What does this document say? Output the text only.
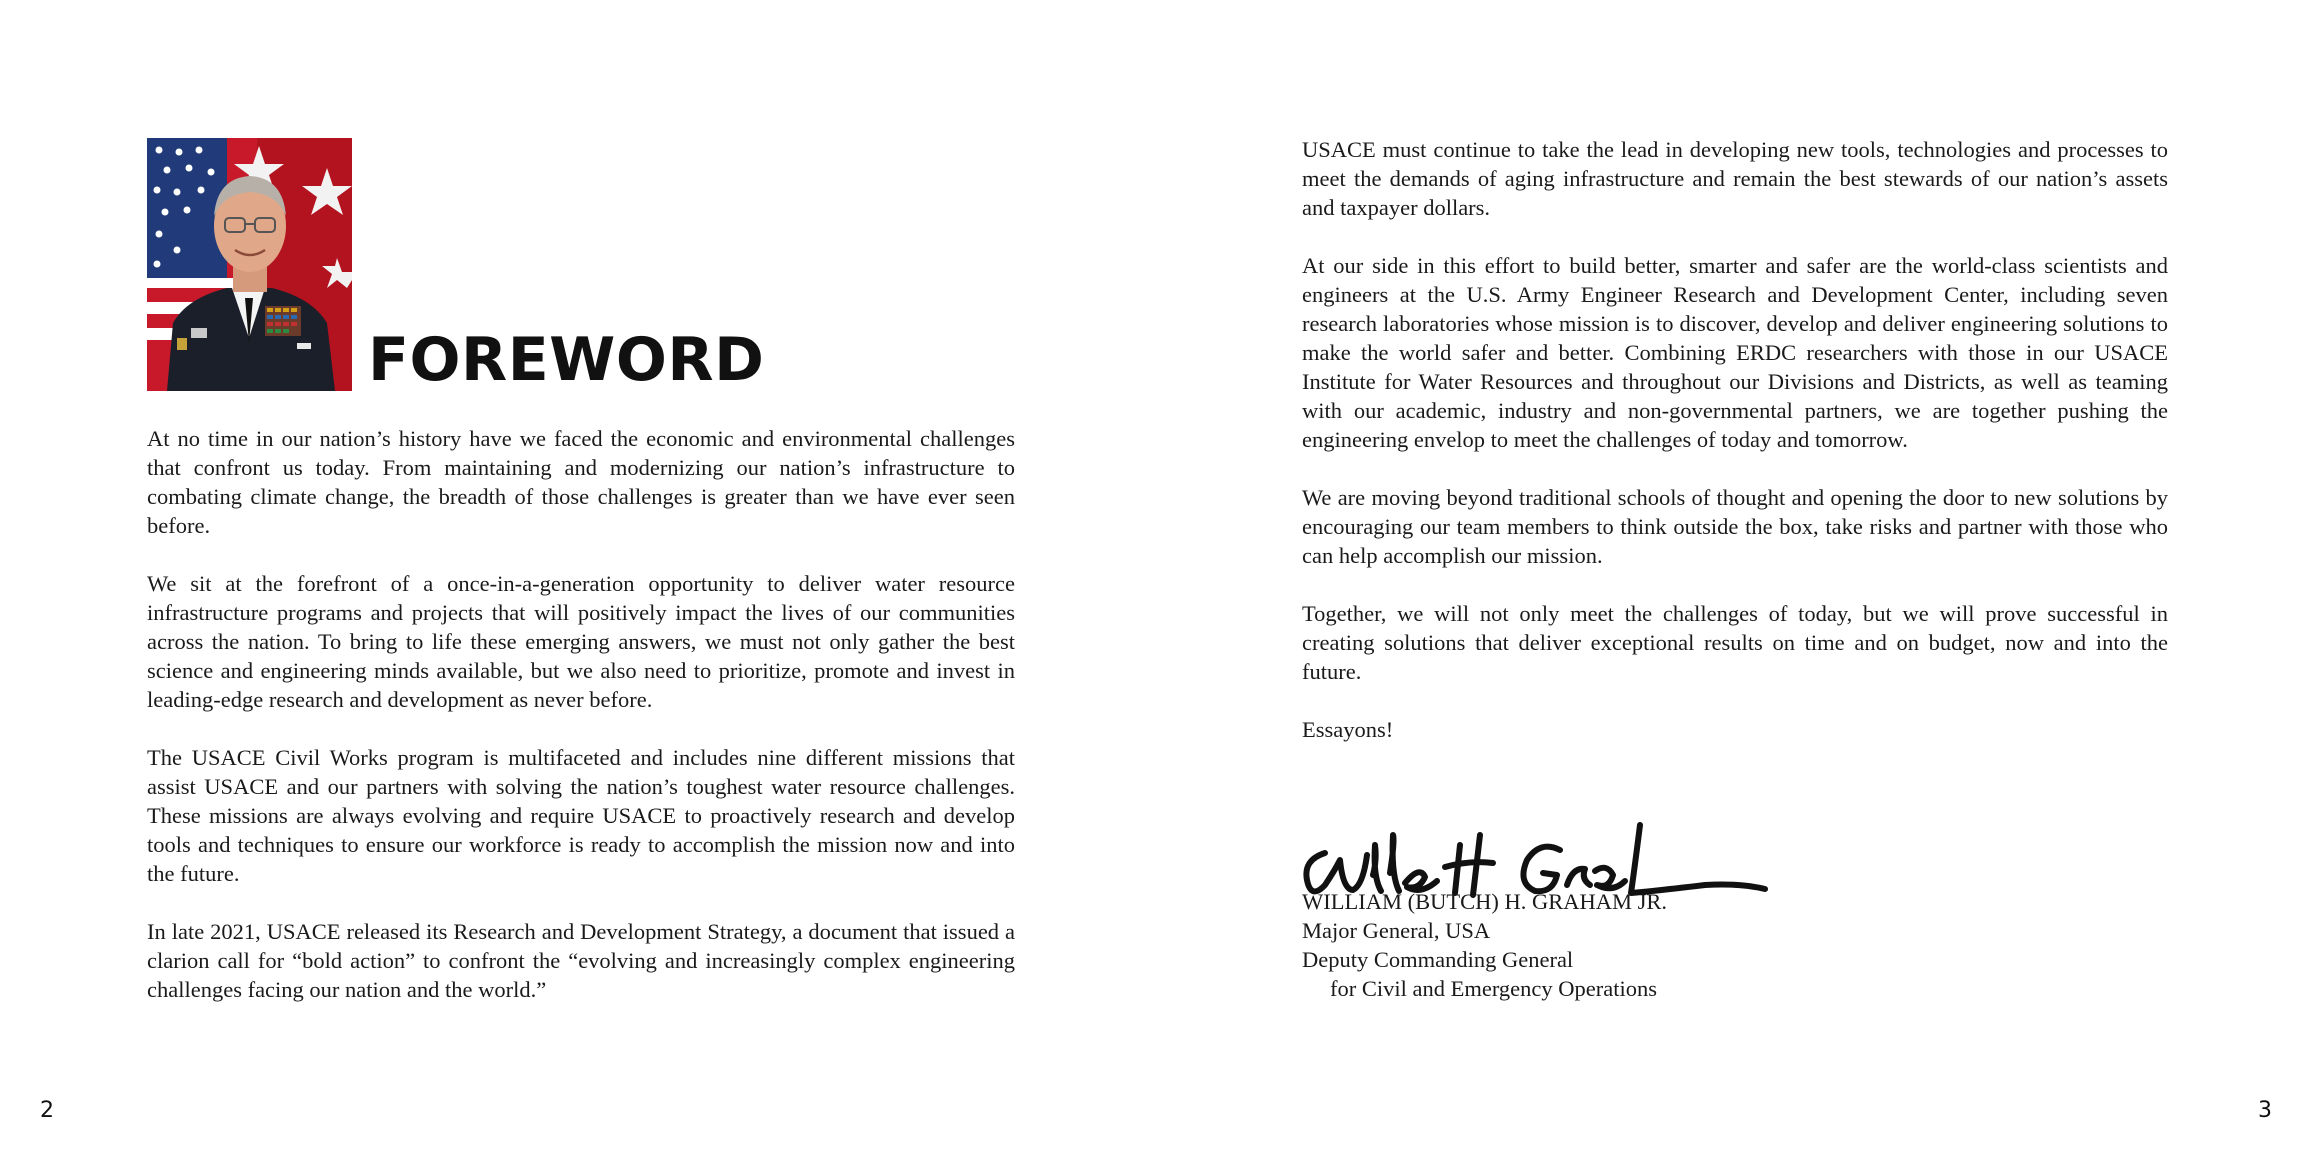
FOREWORD

At no time in our nation’s history have we faced the economic and environmental challenges that confront us today. From maintaining and modernizing our nation’s infrastructure to combating climate change, the breadth of those challenges is greater than we have ever seen before.

We sit at the forefront of a once-in-a-generation opportunity to deliver water resource infrastructure programs and projects that will positively impact the lives of our communities across the nation. To bring to life these emerging answers, we must not only gather the best science and engineering minds available, but we also need to prioritize, promote and invest in leading-edge research and development as never before.

The USACE Civil Works program is multifaceted and includes nine different missions that assist USACE and our partners with solving the nation’s toughest water resource challenges. These missions are always evolving and require USACE to proactively research and develop tools and techniques to ensure our workforce is ready to accomplish the mission now and into the future.

In late 2021, USACE released its Research and Development Strategy, a document that issued a clarion call for “bold action” to confront the “evolving and increasingly complex engineering challenges facing our nation and the world.”

2

USACE must continue to take the lead in developing new tools, technologies and processes to meet the demands of aging infrastructure and remain the best stewards of our nation’s assets and taxpayer dollars.

At our side in this effort to build better, smarter and safer are the world-class scientists and engineers at the U.S. Army Engineer Research and Development Center, including seven research laboratories whose mission is to discover, develop and deliver engineering solutions to make the world safer and better. Combining ERDC researchers with those in our USACE Institute for Water Resources and throughout our Divisions and Districts, as well as teaming with our academic, industry and non-governmental partners, we are together pushing the engineering envelop to meet the challenges of today and tomorrow.

We are moving beyond traditional schools of thought and opening the door to new solutions by encouraging our team members to think outside the box, take risks and partner with those who can help accomplish our mission.

Together, we will not only meet the challenges of today, but we will prove successful in creating solutions that deliver exceptional results on time and on budget, now and into the future.

Essayons!

WILLIAM (BUTCH) H. GRAHAM JR.
Major General, USA
Deputy Commanding General
for Civil and Emergency Operations
3
